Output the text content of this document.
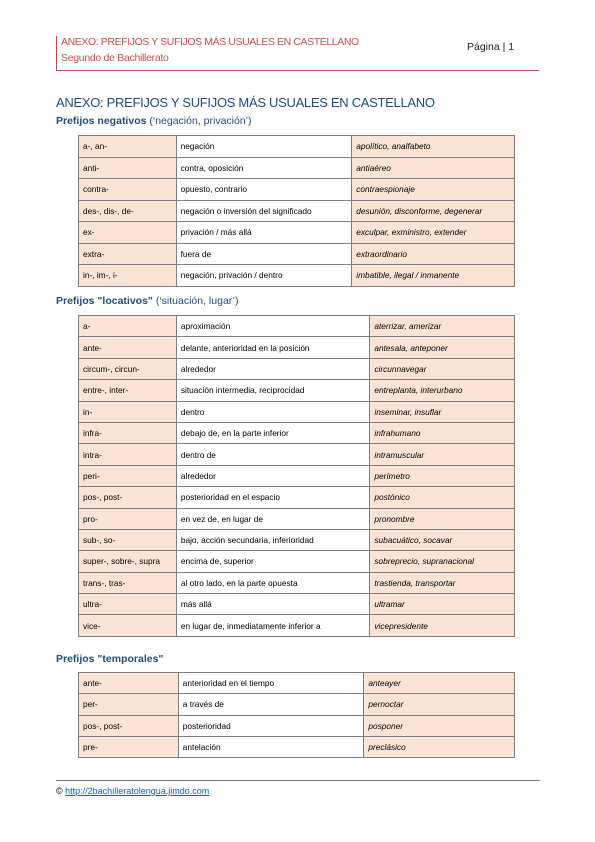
ANEXO: PREFIJOS Y SUFIJOS MÁS USUALES EN CASTELLANO
Segundo de Bachillerato
Página | 1
ANEXO: PREFIJOS Y SUFIJOS MÁS USUALES EN CASTELLANO
Prefijos negativos (‘negación, privación’)
a-, an-	negación	apolítico, analfabeto
anti-	contra, oposición	antiaéreo
contra-	opuesto, contrario	contraespionaje
des-, dis-, de-	negación o inversión del significado	desunión, disconforme, degenerar
ex-	privación / más allá	exculpar, exministro, extender
extra-	fuera de	extraordinario
in-, im-, i-	negación, privación / dentro	imbatible, ilegal / inmanente
Prefijos "locativos" (‘situación, lugar’)
a-	aproximación	aterrizar, amerizar
ante-	delante, anterioridad en la posición	antesala, anteponer
circum-, circun-	alrededor	circunnavegar
entre-, inter-	situación intermedia, reciprocidad	entreplanta, interurbano
in-	dentro	inseminar, insuflar
infra-	debajo de, en la parte inferior	infrahumano
intra-	dentro de	intramuscular
peri-	alrededor	perímetro
pos-, post-	posterioridad en el espacio	postónico
pro-	en vez de, en lugar de	pronombre
sub-, so-	bajo, acción secundaria, inferioridad	subacuático, socavar
super-, sobre-, supra	encima de, superior	sobreprecio, supranacional
trans-, tras-	al otro lado, en la parte opuesta	trastienda, transportar
ultra-	más allá	ultramar
vice-	en lugar de, inmediatamente inferior a	vicepresidente
Prefijos "temporales"
ante-	anterioridad en el tiempo	anteayer
per-	a través de	pernoctar
pos-, post-	posterioridad	posponer
pre-	antelación	preclásico
© http://2bachilleratolengua.jimdo.com
